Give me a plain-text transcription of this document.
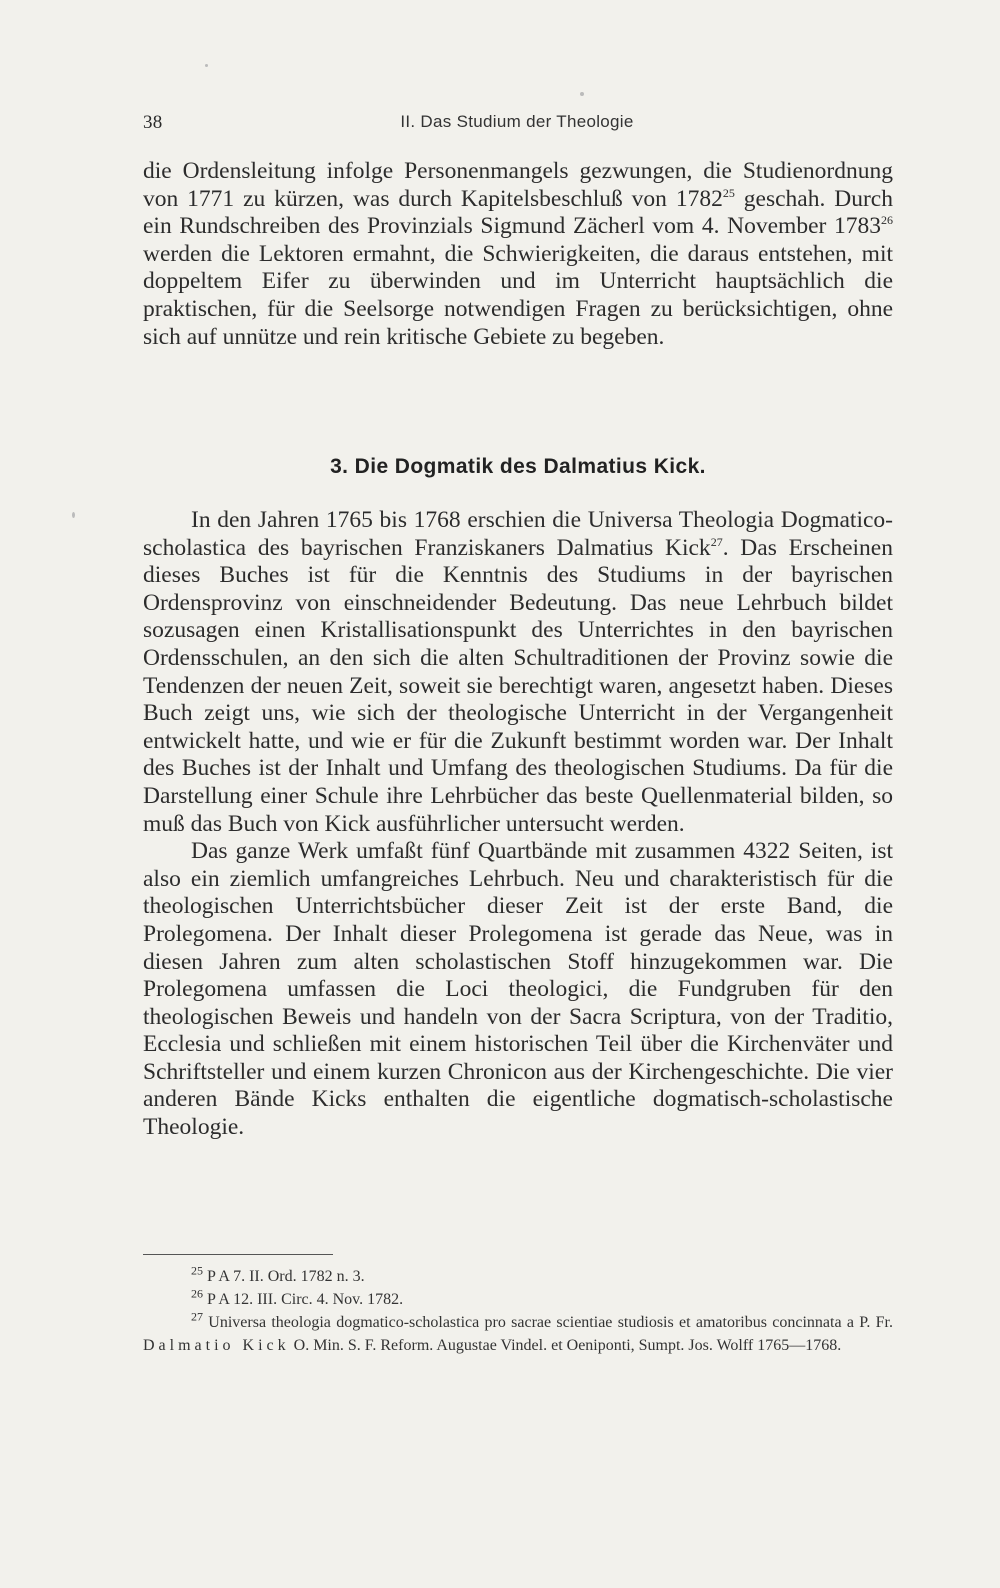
38	II. Das Studium der Theologie

die Ordensleitung infolge Personenmangels gezwungen, die Studienordnung von 1771 zu kürzen, was durch Kapitelsbeschluß von 1782$^{25}$ geschah. Durch ein Rundschreiben des Provinzials Sigmund Zächerl vom 4. November 1783$^{26}$ werden die Lektoren ermahnt, die Schwierigkeiten, die daraus entstehen, mit doppeltem Eifer zu überwinden und im Unterricht hauptsächlich die praktischen, für die Seelsorge notwendigen Fragen zu berücksichtigen, ohne sich auf unnütze und rein kritische Gebiete zu begeben.

3. Die Dogmatik des Dalmatius Kick.

In den Jahren 1765 bis 1768 erschien die Universa Theologia Dogmatico-scholastica des bayrischen Franziskaners Dalmatius Kick$^{27}$. Das Erscheinen dieses Buches ist für die Kenntnis des Studiums in der bayrischen Ordensprovinz von einschneidender Bedeutung. Das neue Lehrbuch bildet sozusagen einen Kristallisationspunkt des Unterrichtes in den bayrischen Ordensschulen, an den sich die alten Schultraditionen der Provinz sowie die Tendenzen der neuen Zeit, soweit sie berechtigt waren, angesetzt haben. Dieses Buch zeigt uns, wie sich der theologische Unterricht in der Vergangenheit entwickelt hatte, und wie er für die Zukunft bestimmt worden war. Der Inhalt des Buches ist der Inhalt und Umfang des theologischen Studiums. Da für die Darstellung einer Schule ihre Lehrbücher das beste Quellenmaterial bilden, so muß das Buch von Kick ausführlicher untersucht werden.

Das ganze Werk umfaßt fünf Quartbände mit zusammen 4322 Seiten, ist also ein ziemlich umfangreiches Lehrbuch. Neu und charakteristisch für die theologischen Unterrichtsbücher dieser Zeit ist der erste Band, die Prolegomena. Der Inhalt dieser Prolegomena ist gerade das Neue, was in diesen Jahren zum alten scholastischen Stoff hinzugekommen war. Die Prolegomena umfassen die Loci theologici, die Fundgruben für den theologischen Beweis und handeln von der Sacra Scriptura, von der Traditio, Ecclesia und schließen mit einem historischen Teil über die Kirchenväter und Schriftsteller und einem kurzen Chronicon aus der Kirchengeschichte. Die vier anderen Bände Kicks enthalten die eigentliche dogmatisch-scholastische Theologie.

$^{25}$ P A 7. II. Ord. 1782 n. 3.

$^{26}$ P A 12. III. Circ. 4. Nov. 1782.

$^{27}$ Universa theologia dogmatico-scholastica pro sacrae scientiae studiosis et amatoribus concinnata a P. Fr. Dalmatio Kick O. Min. S. F. Reform. Augustae Vindel. et Oeniponti, Sumpt. Jos. Wolff 1765—1768.
